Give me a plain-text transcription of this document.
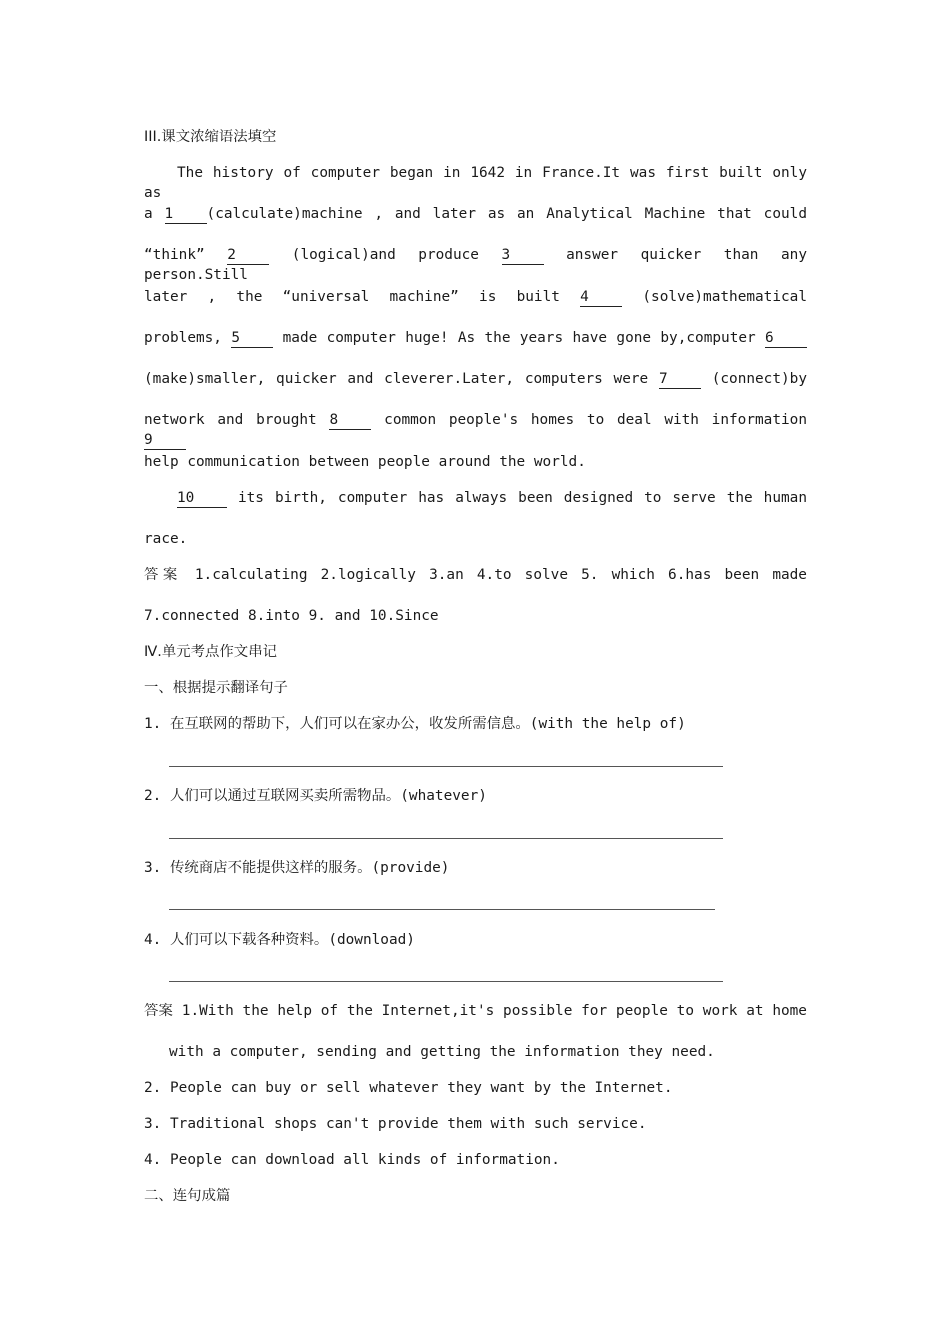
III.课文浓缩语法填空
The history of computer began in 1642 in France.It was first built only as
a 1 (calculate)machine , and later as an Analytical Machine that could
“think” 2	(logical)and produce 3	answer quicker than any person.Still
later , the “universal machine” is built 4	(solve)mathematical
problems, 5	made computer huge! As the years have gone by,computer 6
(make)smaller, quicker and cleverer.Later, computers were 7	(connect)by
network and brought 8	common people's homes to deal with information 9
help communication between people around the world.
10	its birth, computer has always been designed to serve the human
race.
答案 1.calculating 2.logically 3.an 4.to solve 5. which 6.has been made
7.connected 8.into 9. and 10.Since
Ⅳ.单元考点作文串记
一、根据提示翻译句子
1. 在互联网的帮助下，人们可以在家办公，收发所需信息。(with the help of)
2. 人们可以通过互联网买卖所需物品。(whatever)
3. 传统商店不能提供这样的服务。(provide)
4. 人们可以下载各种资料。(download)
答案 1.With the help of the Internet,it's possible for people to work at home
with a computer, sending and getting the information they need.
2. People can buy or sell whatever they want by the Internet.
3. Traditional shops can't provide them with such service.
4. People can download all kinds of information.
二、连句成篇
